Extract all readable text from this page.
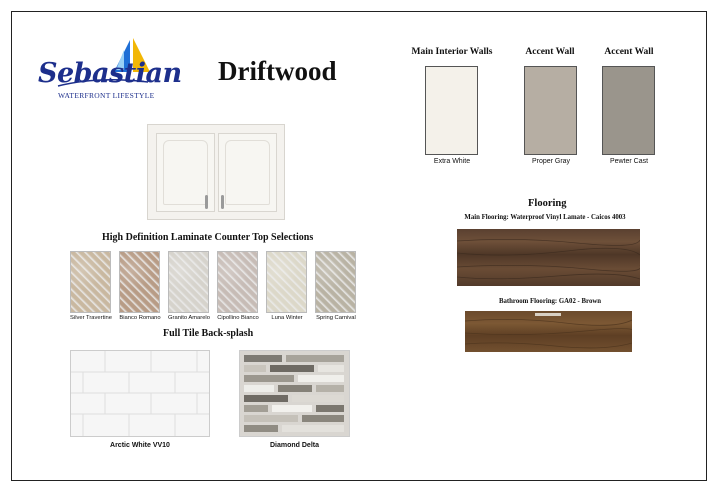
Sebastian
WATERFRONT LIFESTYLE
Driftwood
High Definition Laminate Counter Top Selections
Silver Travertine	Bianco Romano	Granito Amarelo	Cipollino Bianco	Luna Winter	Spring Carnival
Full Tile Back-splash
Arctic White VV10	Diamond Delta
Main Interior Walls	Accent Wall	Accent Wall
Extra White	Proper Gray	Pewter Cast
Flooring
Main Flooring: Waterproof Vinyl Lamate - Caicos 4003
Bathroom Flooring: GA02 - Brown
